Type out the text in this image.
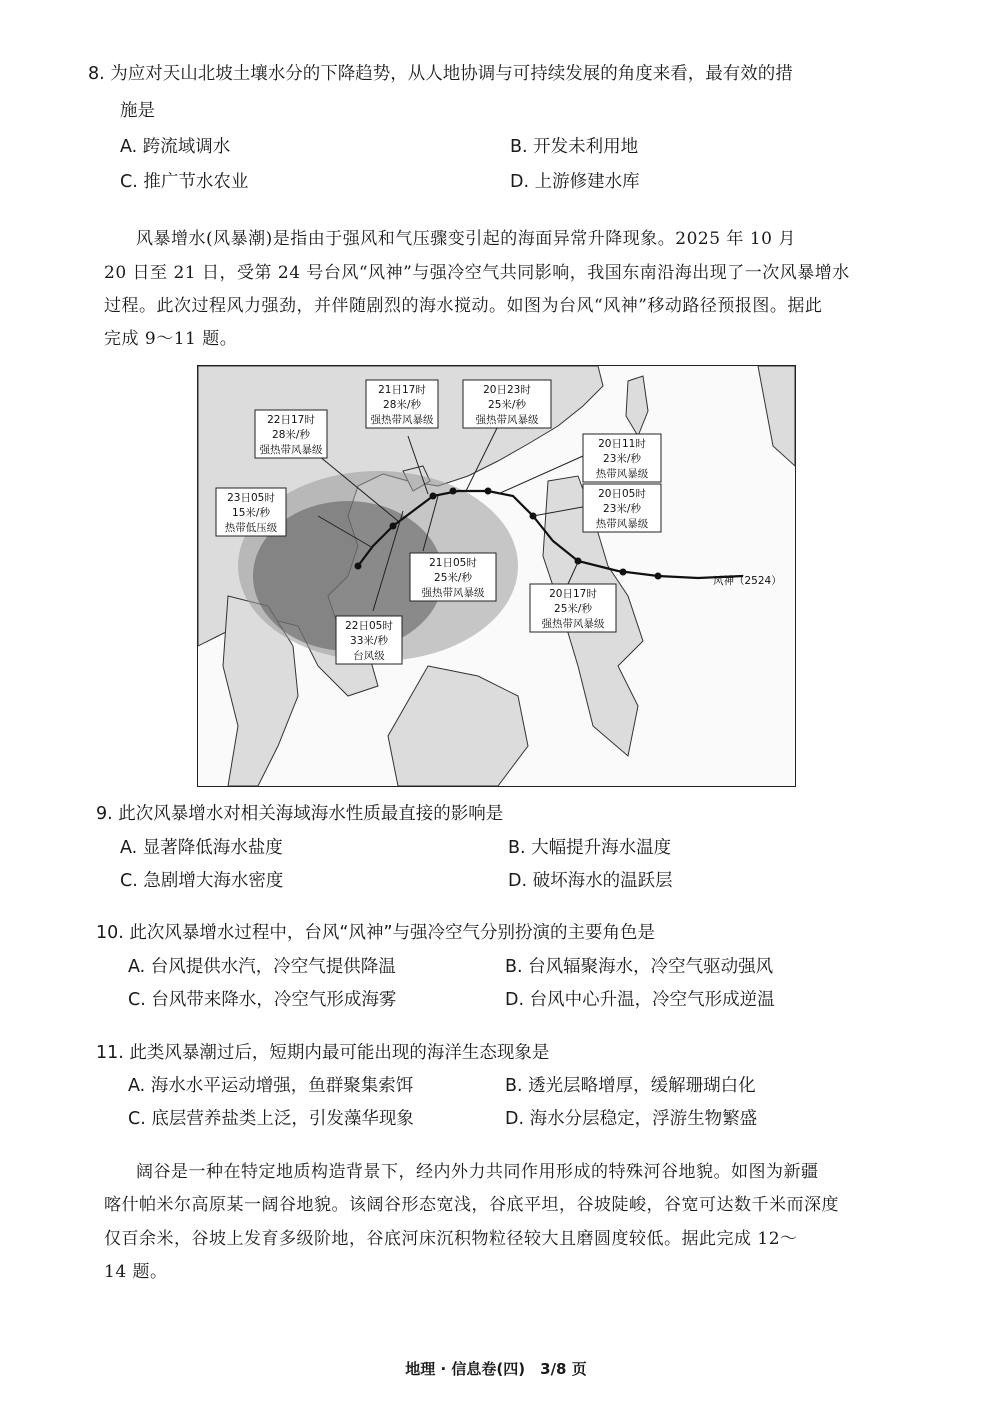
8. 为应对天山北坡土壤水分的下降趋势，从人地协调与可持续发展的角度来看，最有效的措
施是
A. 跨流域调水	B. 开发未利用地
C. 推广节水农业	D. 上游修建水库
风暴增水(风暴潮)是指由于强风和气压骤变引起的海面异常升降现象。2025 年 10 月
20 日至 21 日，受第 24 号台风“风神”与强冷空气共同影响，我国东南沿海出现了一次风暴增水
过程。此次过程风力强劲，并伴随剧烈的海水搅动。如图为台风“风神”移动路径预报图。据此
完成 9～11 题。
22日17时
28米/秒
强热带风暴级
21日17时
28米/秒
强热带风暴级
20日23时
25米/秒
强热带风暴级
20日11时
23米/秒
热带风暴级
20日05时
23米/秒
热带风暴级
23日05时
15米/秒
热带低压级
21日05时
25米/秒
强热带风暴级	20日17时
25米/秒
强热带风暴级
22日05时
33米/秒
台风级
风神（2524）
9. 此次风暴增水对相关海域海水性质最直接的影响是
A. 显著降低海水盐度	B. 大幅提升海水温度
C. 急剧增大海水密度	D. 破坏海水的温跃层
10. 此次风暴增水过程中，台风“风神”与强冷空气分别扮演的主要角色是
A. 台风提供水汽，冷空气提供降温	B. 台风辐聚海水，冷空气驱动强风
C. 台风带来降水，冷空气形成海雾	D. 台风中心升温，冷空气形成逆温
11. 此类风暴潮过后，短期内最可能出现的海洋生态现象是
A. 海水水平运动增强，鱼群聚集索饵	B. 透光层略增厚，缓解珊瑚白化
C. 底层营养盐类上泛，引发藻华现象	D. 海水分层稳定，浮游生物繁盛
阔谷是一种在特定地质构造背景下，经内外力共同作用形成的特殊河谷地貌。如图为新疆
喀什帕米尔高原某一阔谷地貌。该阔谷形态宽浅，谷底平坦，谷坡陡峻，谷宽可达数千米而深度
仅百余米，谷坡上发育多级阶地，谷底河床沉积物粒径较大且磨圆度较低。据此完成 12～
14 题。
地理 · 信息卷(四)　3/8 页
